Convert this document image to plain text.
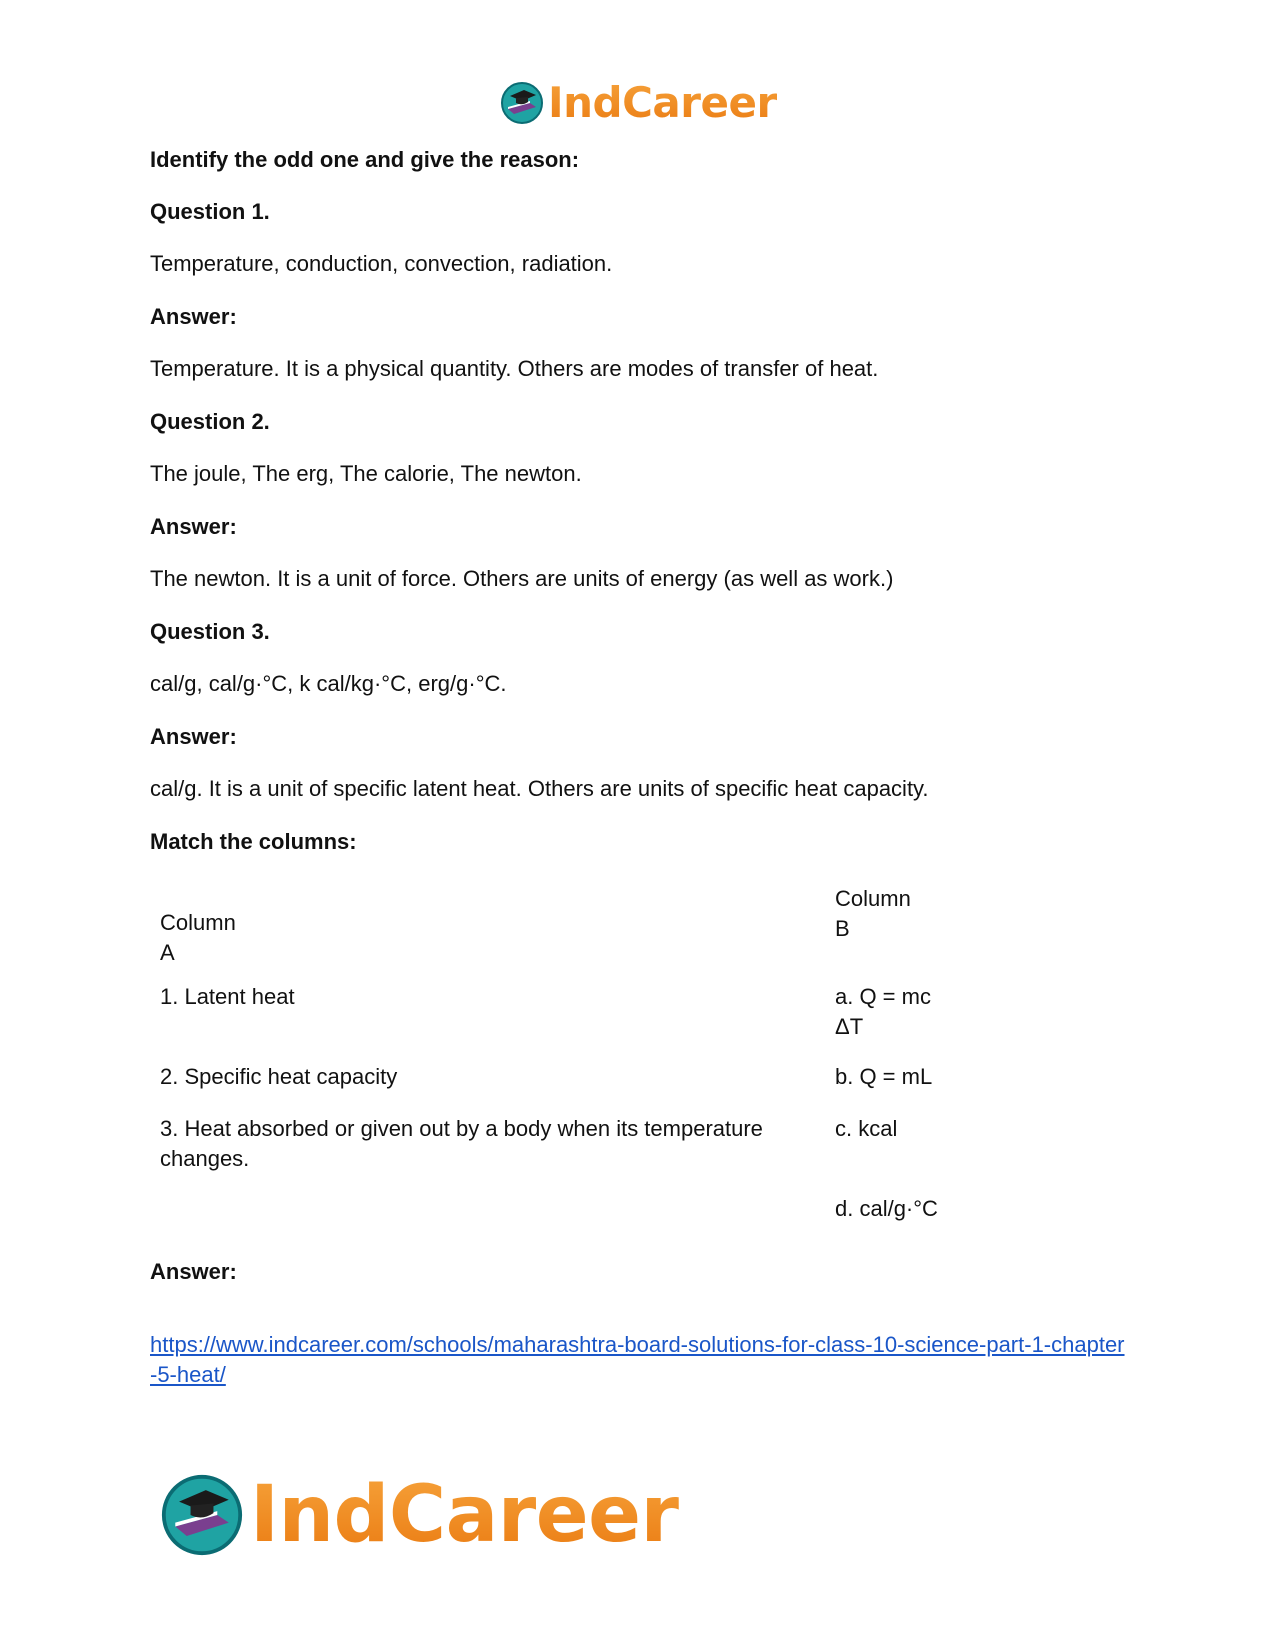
IndCareer

Identify the odd one and give the reason:

Question 1.

Temperature, conduction, convection, radiation.

Answer:

Temperature. It is a physical quantity. Others are modes of transfer of heat.

Question 2.

The joule, The erg, The calorie, The newton.

Answer:

The newton. It is a unit of force. Others are units of energy (as well as work.)

Question 3.

cal/g, cal/g·°C, k cal/kg·°C, erg/g·°C.

Answer:

cal/g. It is a unit of specific latent heat. Others are units of specific heat capacity.

Match the columns:

Column A
Column B
1. Latent heat	a. Q = mc ΔT
2. Specific heat capacity	b. Q = mL
3. Heat absorbed or given out by a body when its temperature changes.
c. kcal
d. cal/g·°C

Answer:

https://www.indcareer.com/schools/maharashtra-board-solutions-for-class-10-science-part-1-chapter-5-heat/
IndCareer
